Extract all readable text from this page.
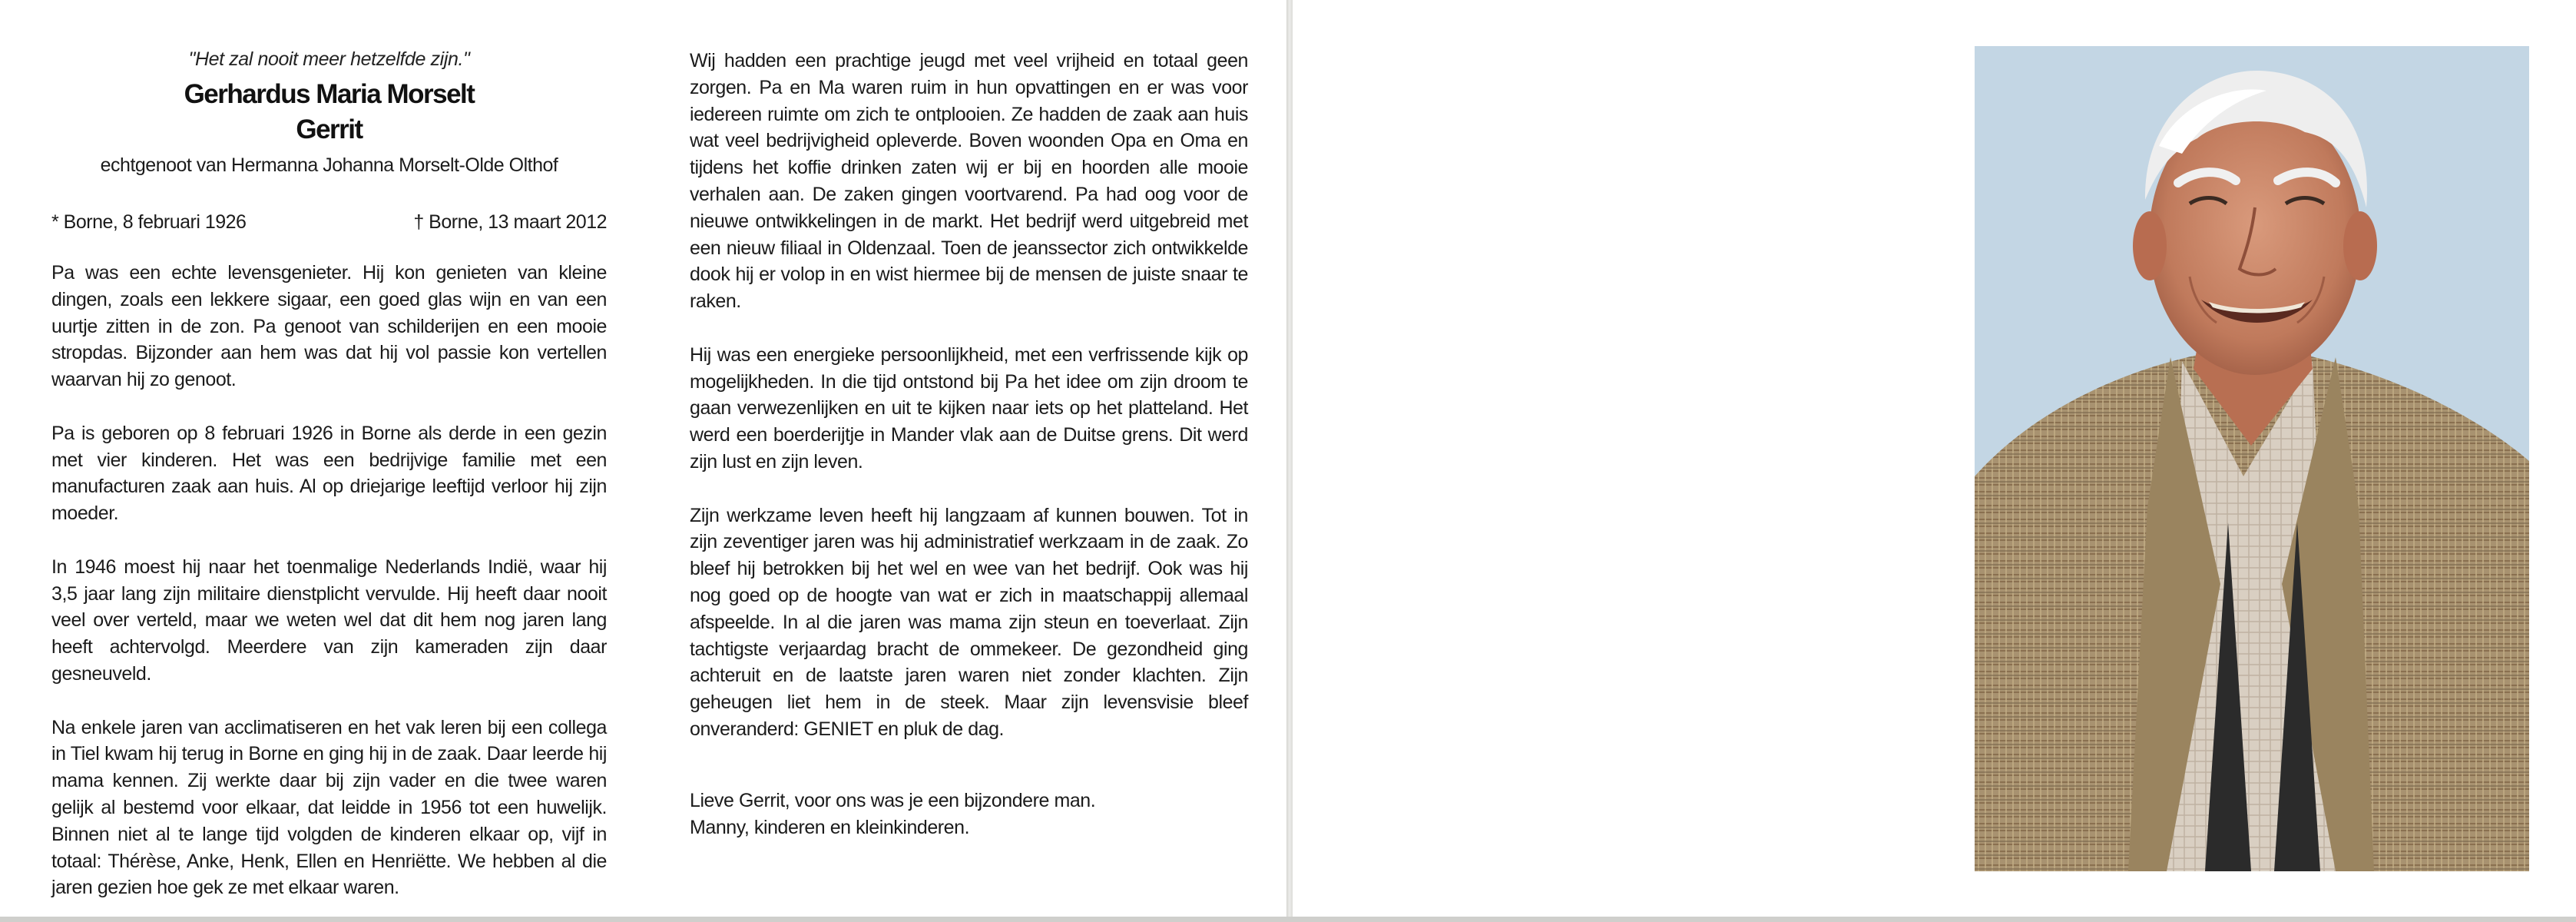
"Het zal nooit meer hetzelfde zijn."
Gerhardus Maria Morselt
Gerrit
echtgenoot van Hermanna Johanna Morselt-Olde Olthof
* Borne, 8 februari 1926	† Borne, 13 maart 2012

Pa was een echte levensgenieter. Hij kon genieten van kleine dingen, zoals een lekkere sigaar, een goed glas wijn en van een uurtje zitten in de zon. Pa genoot van schilderijen en een mooie stropdas. Bijzonder aan hem was dat hij vol passie kon vertellen waarvan hij zo genoot.

Pa is geboren op 8 februari 1926 in Borne als derde in een gezin met vier kinderen. Het was een bedrijvige familie met een manufacturen zaak aan huis. Al op driejarige leeftijd verloor hij zijn moeder.

In 1946 moest hij naar het toenmalige Nederlands Indië, waar hij 3,5 jaar lang zijn militaire dienstplicht vervulde. Hij heeft daar nooit veel over verteld, maar we weten wel dat dit hem nog jaren lang heeft achtervolgd. Meerdere van zijn kameraden zijn daar gesneuveld.

Na enkele jaren van acclimatiseren en het vak leren bij een collega in Tiel kwam hij terug in Borne en ging hij in de zaak. Daar leerde hij mama kennen. Zij werkte daar bij zijn vader en die twee waren gelijk al bestemd voor elkaar, dat leidde in 1956 tot een huwelijk. Binnen niet al te lange tijd volgden de kinderen elkaar op, vijf in totaal: Thérèse, Anke, Henk, Ellen en Henriëtte. We hebben al die jaren gezien hoe gek ze met elkaar waren.

Wij hadden een prachtige jeugd met veel vrijheid en totaal geen zorgen. Pa en Ma waren ruim in hun opvattingen en er was voor iedereen ruimte om zich te ontplooien. Ze hadden de zaak aan huis wat veel bedrijvigheid opleverde. Boven woonden Opa en Oma en tijdens het koffie drinken zaten wij er bij en hoorden alle mooie verhalen aan. De zaken gingen voortvarend. Pa had oog voor de nieuwe ontwikkelingen in de markt. Het bedrijf werd uitgebreid met een nieuw filiaal in Oldenzaal. Toen de jeanssector zich ontwikkelde dook hij er volop in en wist hiermee bij de mensen de juiste snaar te raken.

Hij was een energieke persoonlijkheid, met een verfrissende kijk op mogelijkheden. In die tijd ontstond bij Pa het idee om zijn droom te gaan verwezenlijken en uit te kijken naar iets op het platteland. Het werd een boerderijtje in Mander vlak aan de Duitse grens. Dit werd zijn lust en zijn leven.

Zijn werkzame leven heeft hij langzaam af kunnen bouwen. Tot in zijn zeventiger jaren was hij administratief werkzaam in de zaak. Zo bleef hij betrokken bij het wel en wee van het bedrijf. Ook was hij nog goed op de hoogte van wat er zich in maatschappij allemaal afspeelde. In al die jaren was mama zijn steun en toeverlaat. Zijn tachtigste verjaardag bracht de ommekeer. De gezondheid ging achteruit en de laatste jaren waren niet zonder klachten. Zijn geheugen liet hem in de steek. Maar zijn levensvisie bleef onveranderd: GENIET en pluk de dag.

Lieve Gerrit, voor ons was je een bijzondere man.
Manny, kinderen en kleinkinderen.
